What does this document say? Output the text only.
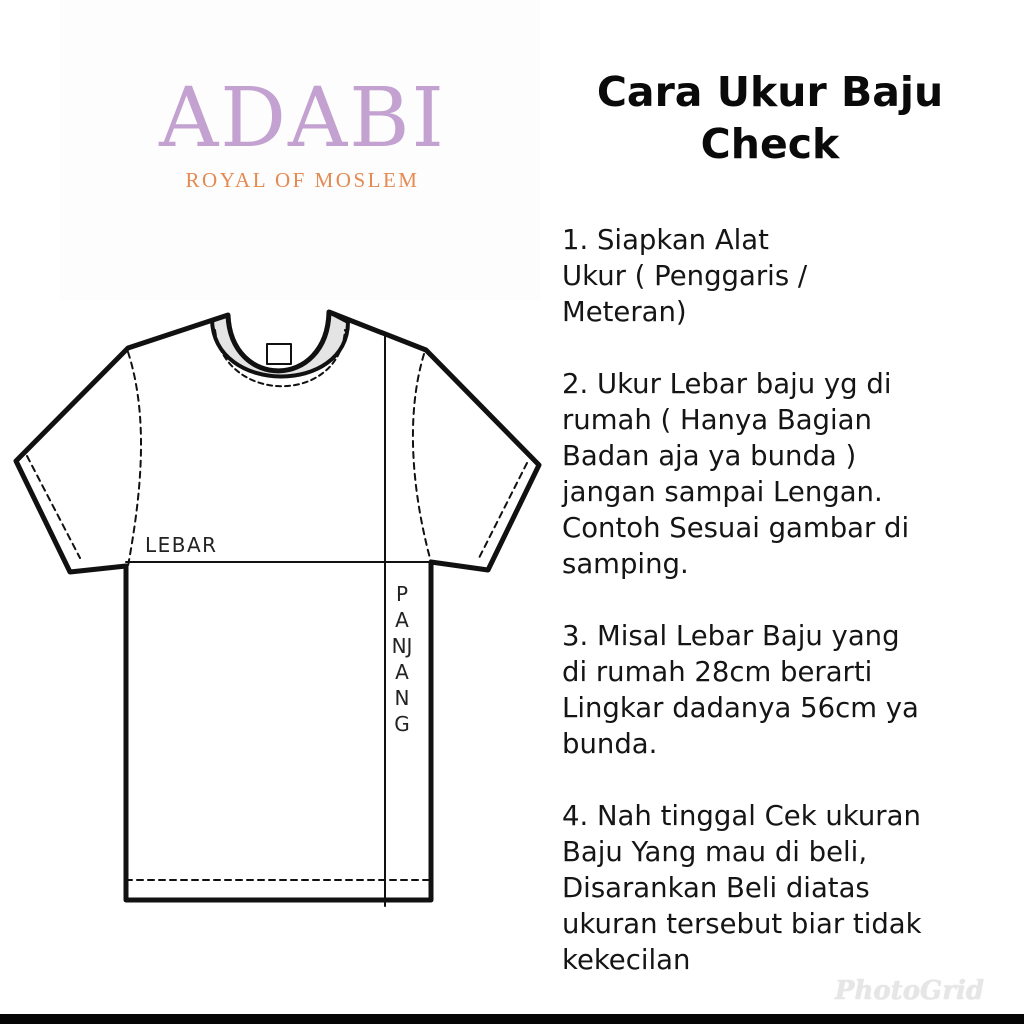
ADABI
ROYAL OF MOSLEM
Cara Ukur Baju
Check
1. Siapkan Alat
Ukur ( Penggaris /
Meteran)
2. Ukur Lebar baju yg di
rumah ( Hanya Bagian
Badan aja ya bunda )
jangan sampai Lengan.
Contoh Sesuai gambar di
samping.
3. Misal Lebar Baju yang
di rumah 28cm berarti
Lingkar dadanya 56cm ya
bunda.
4. Nah tinggal Cek ukuran
Baju Yang mau di beli,
Disarankan Beli diatas
ukuran tersebut biar tidak
kekecilan
LEBAR
PANJANG
PhotoGrid
